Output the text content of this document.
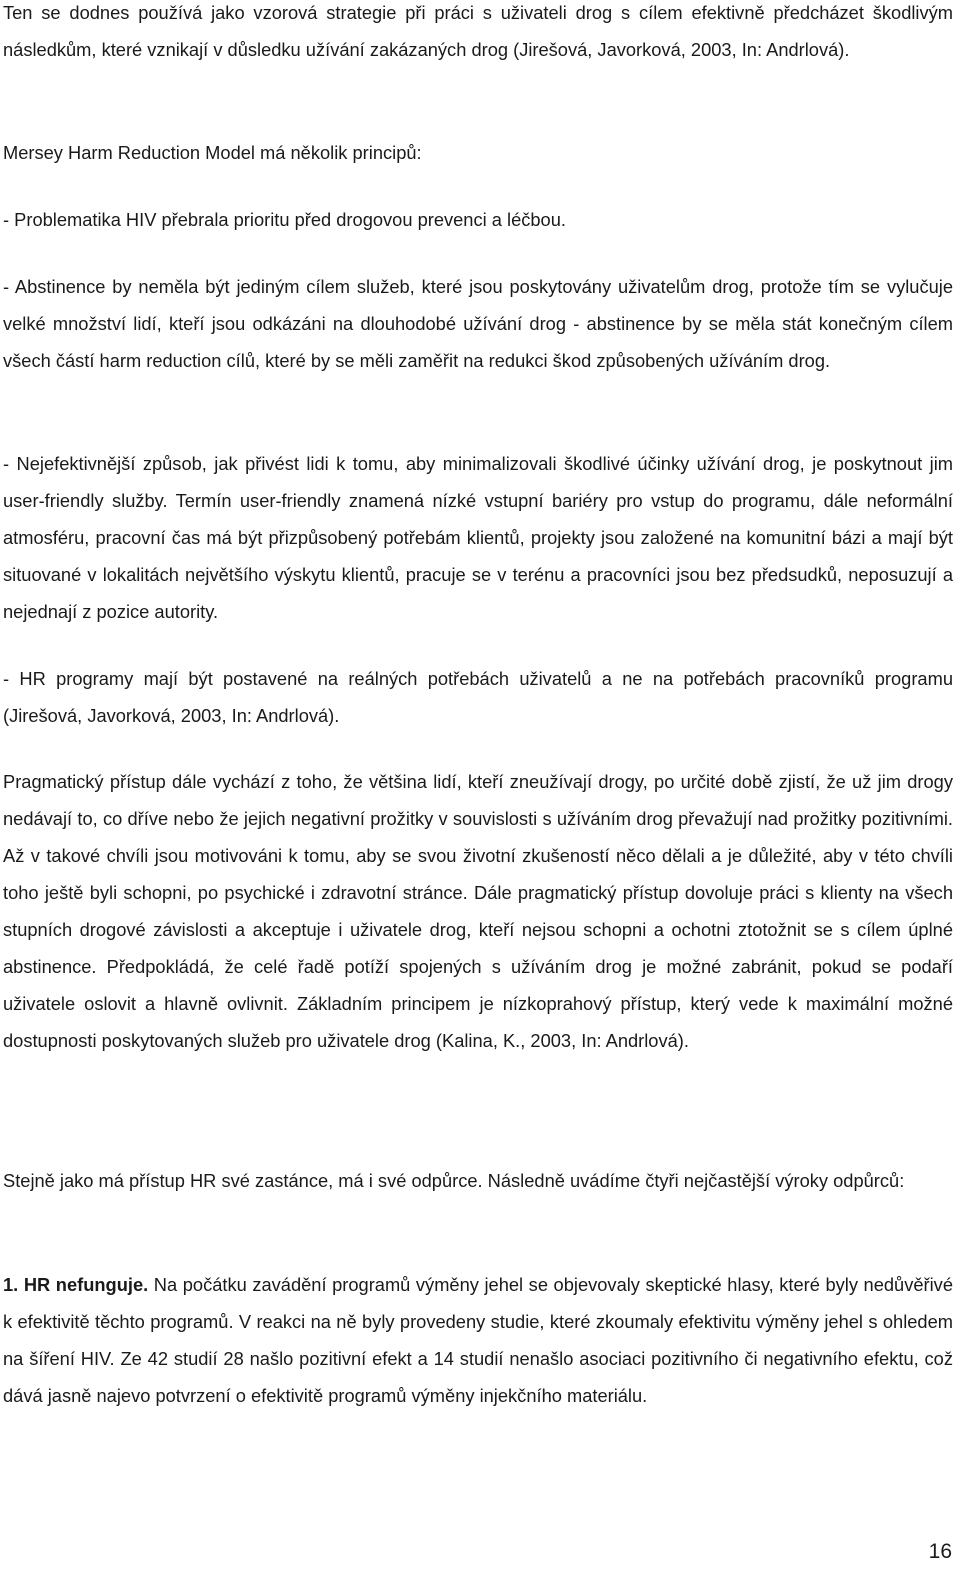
Ten se dodnes používá jako vzorová strategie při práci s uživateli drog s cílem efektivně předcházet škodlivým následkům, které vznikají v důsledku užívání zakázaných drog (Jirešová, Javorková, 2003, In: Andrlová).

Mersey Harm Reduction Model má několik principů:

- Problematika HIV přebrala prioritu před drogovou prevenci a léčbou.

- Abstinence by neměla být jediným cílem služeb, které jsou poskytovány uživatelům drog, protože tím se vylučuje velké množství lidí, kteří jsou odkázáni na dlouhodobé užívání drog - abstinence by se měla stát konečným cílem všech částí harm reduction cílů, které by se měli zaměřit na redukci škod způsobených užíváním drog.

- Nejefektivnější způsob, jak přivést lidi k tomu, aby minimalizovali škodlivé účinky užívání drog, je poskytnout jim user-friendly služby. Termín user-friendly znamená nízké vstupní bariéry pro vstup do programu, dále neformální atmosféru, pracovní čas má být přizpůsobený potřebám klientů, projekty jsou založené na komunitní bázi a mají být situované v lokalitách největšího výskytu klientů, pracuje se v terénu a pracovníci jsou bez předsudků, neposuzují a nejednají z pozice autority.

- HR programy mají být postavené na reálných potřebách uživatelů a ne na potřebách pracovníků programu (Jirešová, Javorková, 2003, In: Andrlová).

Pragmatický přístup dále vychází z toho, že většina lidí, kteří zneužívají drogy, po určité době zjistí, že už jim drogy nedávají to, co dříve nebo že jejich negativní prožitky v souvislosti s užíváním drog převažují nad prožitky pozitivními. Až v takové chvíli jsou motivováni k tomu, aby se svou životní zkušeností něco dělali a je důležité, aby v této chvíli toho ještě byli schopni, po psychické i zdravotní stránce. Dále pragmatický přístup dovoluje práci s klienty na všech stupních drogové závislosti a akceptuje i uživatele drog, kteří nejsou schopni a ochotni ztotožnit se s cílem úplné abstinence. Předpokládá, že celé řadě potíží spojených s užíváním drog je možné zabránit, pokud se podaří uživatele oslovit a hlavně ovlivnit. Základním principem je nízkoprahový přístup, který vede k maximální možné dostupnosti poskytovaných služeb pro uživatele drog (Kalina, K., 2003, In: Andrlová).

Stejně jako má přístup HR své zastánce, má i své odpůrce. Následně uvádíme čtyři nejčastější výroky odpůrců:

1. HR nefunguje. Na počátku zavádění programů výměny jehel se objevovaly skeptické hlasy, které byly nedůvěřivé k efektivitě těchto programů. V reakci na ně byly provedeny studie, které zkoumaly efektivitu výměny jehel s ohledem na šíření HIV. Ze 42 studií 28 našlo pozitivní efekt a 14 studií nenašlo asociaci pozitivního či negativního efektu, což dává jasně najevo potvrzení o efektivitě programů výměny injekčního materiálu.

16
